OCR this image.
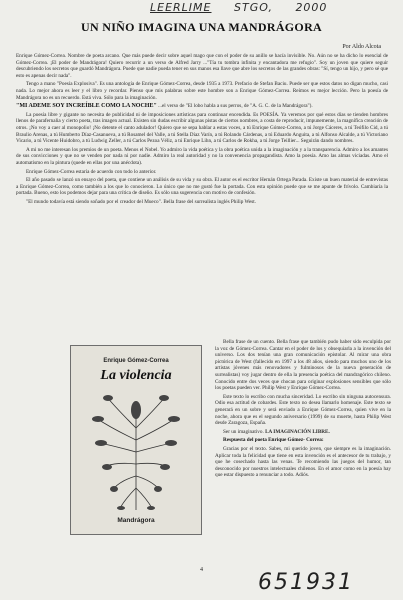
LEERLIME STGO, 2000
UN NIÑO IMAGINA UNA MANDRÁGORA
Por Aldo Alcota

Enrique Gómez-Correa. Nombre de poeta arcano. Que más puede decir sobre aquel mago que con el poder de su anillo se hacía invisible. No. Aún no se ha dicho lo esencial de Gómez-Correa. ¡El poder de Mandrágora! Quiero recurrir a un verso de Alfred Jarry ..."Tía tu tombra infinita y encantadora me refugio". Soy un joven que quiere seguir descubriendo los secretos que guardó Mandrágora. Puede que nadie pueda tener en sus manos esa llave que abre los secretos de las grandes obras: "Sí, tengo un hijo, y pero sé que esto es apenas decir nada".

Tengo a mano "Poesía Explosiva". Es una antología de Enrique Gómez-Correa, desde 1935 a 1973. Prefacio de Stefan Baciu. Puede ser que estos datos no digan mucho, casi nada. Lo mejor ahora es leer y el libro y recordar. Pienso que mis palabras sobre este hombre son a Enrique Gómez-Correa. Reímos es mejor lección. Pero la poesía de Mandrágora no es un recuerdo. Está viva. Sólo para la imaginación.

"MI ADEME SOY INCREÍBLE COMO LA NOCHE" ...el verso de "El lobo habla a sus perros, de "A. G. C. de la Mandrágora").

La poesía libre y gigante no necesita de publicidad ni de imposiciones artísticas para continuar encendida. Es POESÍA. Ya veremos por qué estos días se tienden hombres llenos de parafernalia y cierto poeta, tras imagen actual. Existen sin dudas escribir algunas pistas de ciertos nombres, a costa de reproducir, impunemente, la magnífica creación de otros. ¡No voy a caer al monopolio! ¡No detente el canto adulador! Quiero que se sepa hablar a estas voces, a tú Enrique Gómez-Correa, a tú Jorge Cáceres, a tú Teófilo Cid, a tú Braulio Arenas, a tú Humberto Díaz-Casanueva, a tú Rosamel del Valle, a tú Stella Díaz Varín, a tú Rolando Cárdenas, a tú Eduardo Anguita, a tú Alfonso Alcalde, a tú Victoriano Vicario, a tú Vicente Huidobro, a tú Ludwig Zeller, a tú Carlos Pezoa Véliz, a tú Enrique Lihn, a tú Carlos de Rokha, a tú Jorge Teillier... Seguirán dando nombres.

A mi no me interesan los premios de un poeta. Menos el Nobel. Yo admiro la vida poética y la obra poética unida a la imaginación y a la transparencia. Admiro a los amantes de sus convicciones y que no se venden por nada ni por nadie. Admiro la real autoridad y no la convenencia propagandista. Amo la poesía. Amo las almas viciadas. Amo el automatismo en la pintura (quede en ellas por una anécdota).

Enrique Gómez-Correa estaría de acuerdo con todo lo anterior.

El año pasado se lanzó un ensayo del poeta, que contiene un análisis de su vida y su obra. El autor es el escritor Hernán Ortega Parada. Existe un buen material de entrevistas a Enrique Gómez-Correa, como también a los que lo conocieron. Lo único que no me gustó fue la portada. Con esta opinión puede que se me apunte de frívolo. Cambiaría la portada. Bueno, esto los podemos dejar para una crítica de diseño. Es sólo una sugerencia con motivo de confesión.

"El mundo todavía está siendo soñado por el creador del Mueco". Bella frase del surrealista inglés Philip West.

Enrique Gómez-Correa
La violencia
Mandrágora

Bella frase de un cuento. Bella frase que también pudo haber sido esculpida por la voz de Gómez-Correa. Cantar en el poder de los y obsequiarla a la invención del universo. Los dos tenían una gran comunicación epistolar. Al mirar una obra pictórica de West (fallecido en 1997 a los 48 años, siendo para muchos uno de los artistas jóvenes más renovadores y fulminosos de la nueva generación de surrealistas) voy jugar dentro de ella la presencia poética del mandragórico chileno. Conocido entre dos veces que chocan para originar explosiones sensibles que sólo los poetas pueden ver. Philip West y Enrique Gómez-Correa.

Este texto lo escribo con mucha sinceridad. Lo escribo sin ninguna autocensura. Odio esa actitud de cobardes. Este texto no desea llamarlo homenaje. Este texto se generará en un sobre y será enviado a Enrique Gómez-Correa, quien vive en la noche, ahora que es el segundo aniversario (1999) de su muerte, hasta Philip West desde Zaragoza, España.

Ser un imaginativo. LA IMAGINACIÓN LIBRE.

Respuesta del poeta Enrique Gómez- Correa:

Gracias por el texto. Sabes, mi querido joven, que siempre es la imaginación. Aplicar toda la felicidad que tiene en esta invención es el antecesor de tu trabajo, y que he cosechado hasta las venas. Te recomiendo las juegos del humor, tan desconocido por nuestros intelectuales chilenos. En el amor como en la poesía hay que estar dispuesto a renunciar a todo. Adiós.

4	651931
